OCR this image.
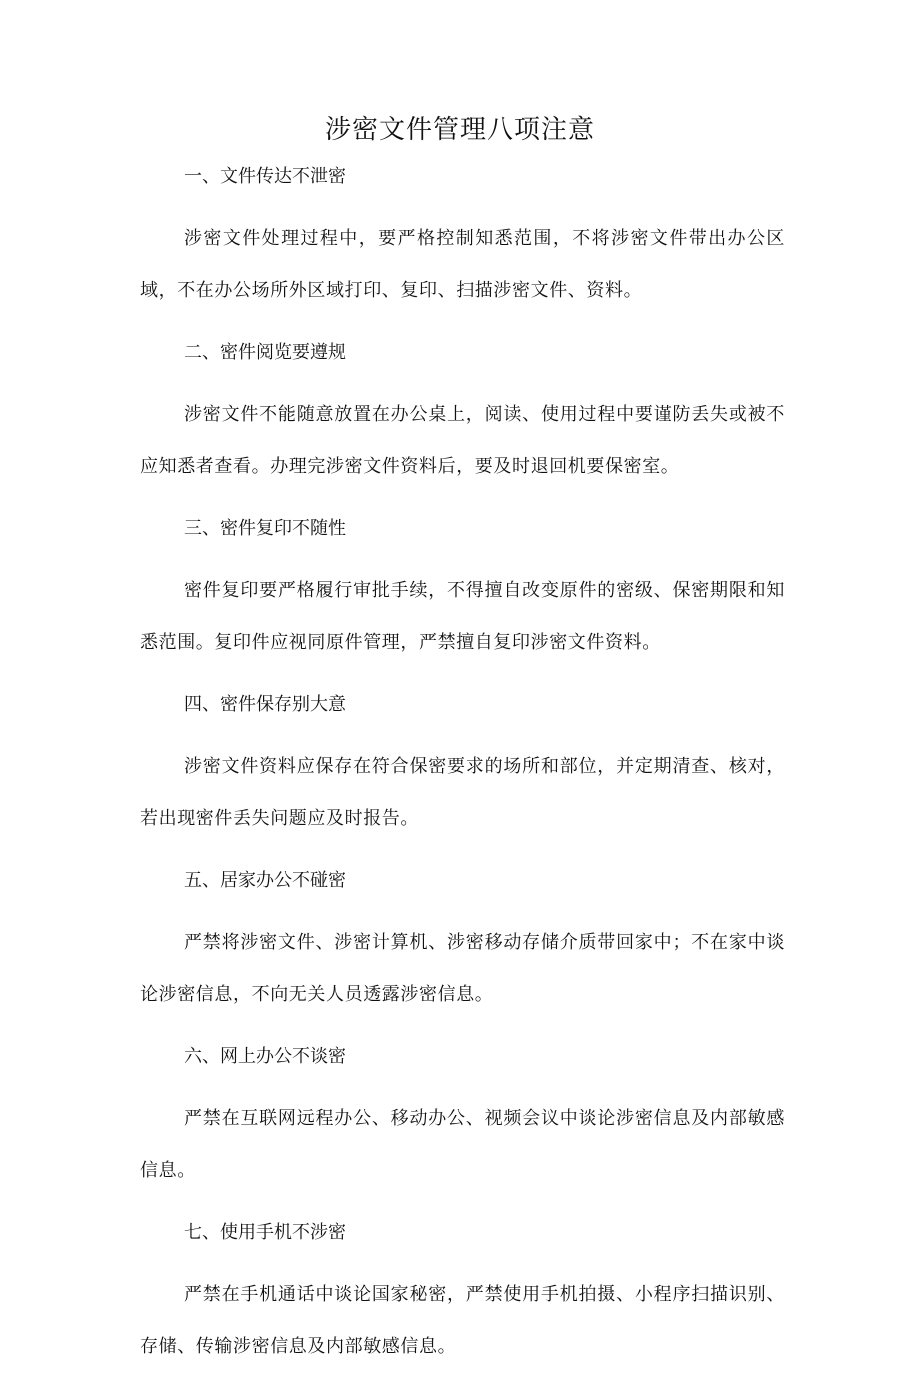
涉密文件管理八项注意

一、文件传达不泄密

涉密文件处理过程中，要严格控制知悉范围，不将涉密文件带出办公区域，不在办公场所外区域打印、复印、扫描涉密文件、资料。

二、密件阅览要遵规

涉密文件不能随意放置在办公桌上，阅读、使用过程中要谨防丢失或被不应知悉者查看。办理完涉密文件资料后，要及时退回机要保密室。

三、密件复印不随性

密件复印要严格履行审批手续，不得擅自改变原件的密级、保密期限和知悉范围。复印件应视同原件管理，严禁擅自复印涉密文件资料。

四、密件保存别大意

涉密文件资料应保存在符合保密要求的场所和部位，并定期清查、核对，若出现密件丢失问题应及时报告。

五、居家办公不碰密

严禁将涉密文件、涉密计算机、涉密移动存储介质带回家中；不在家中谈论涉密信息，不向无关人员透露涉密信息。

六、网上办公不谈密

严禁在互联网远程办公、移动办公、视频会议中谈论涉密信息及内部敏感信息。

七、使用手机不涉密

严禁在手机通话中谈论国家秘密，严禁使用手机拍摄、小程序扫描识别、存储、传输涉密信息及内部敏感信息。
